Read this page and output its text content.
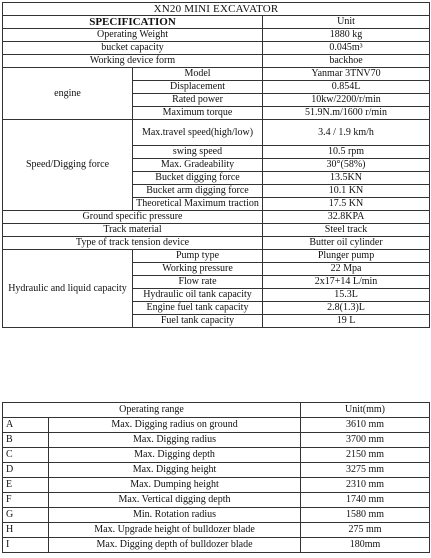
XN20 MINI EXCAVATOR		
SPECIFICATION		Unit
Operating Weight		1880 kg
bucket capacity		0.045m³
Working device form		backhoe
engine	Model	Yanmar 3TNV70
	Displacement	0.854L
	Rated power	10kw/2200/r/min
	Maximum torque	51.9N.m/1600 r/min
Speed/Digging force	Max.travel speed(high/low)	3.4 / 1.9 km/h
	swing speed	10.5 rpm
	Max. Gradeability	30°(58%)
	Bucket digging force	13.5KN
	Bucket arm digging force	10.1 KN
	Theoretical Maximum traction	17.5 KN
Ground specific pressure		32.8KPA
Track material		Steel track
Type of track tension device		Butter oil cylinder
Hydraulic and liquid capacity	Pump type	Plunger pump
	Working pressure	22 Mpa
	Flow rate	2x17+14 L/min
	Hydraulic oil tank capacity	15.3L
	Engine fuel tank capacity	2.8(1.3)L
	Fuel tank capacity	19 L
Operating range		Unit(mm)
A	Max. Digging radius on ground	3610 mm
B	Max. Digging radius	3700 mm
C	Max. Digging depth	2150 mm
D	Max. Digging height	3275 mm
E	Max. Dumping height	2310 mm
F	Max. Vertical digging depth	1740 mm
G	Min. Rotation radius	1580 mm
H	Max. Upgrade height of bulldozer blade	275 mm
I	Max. Digging depth of bulldozer blade	180mm
